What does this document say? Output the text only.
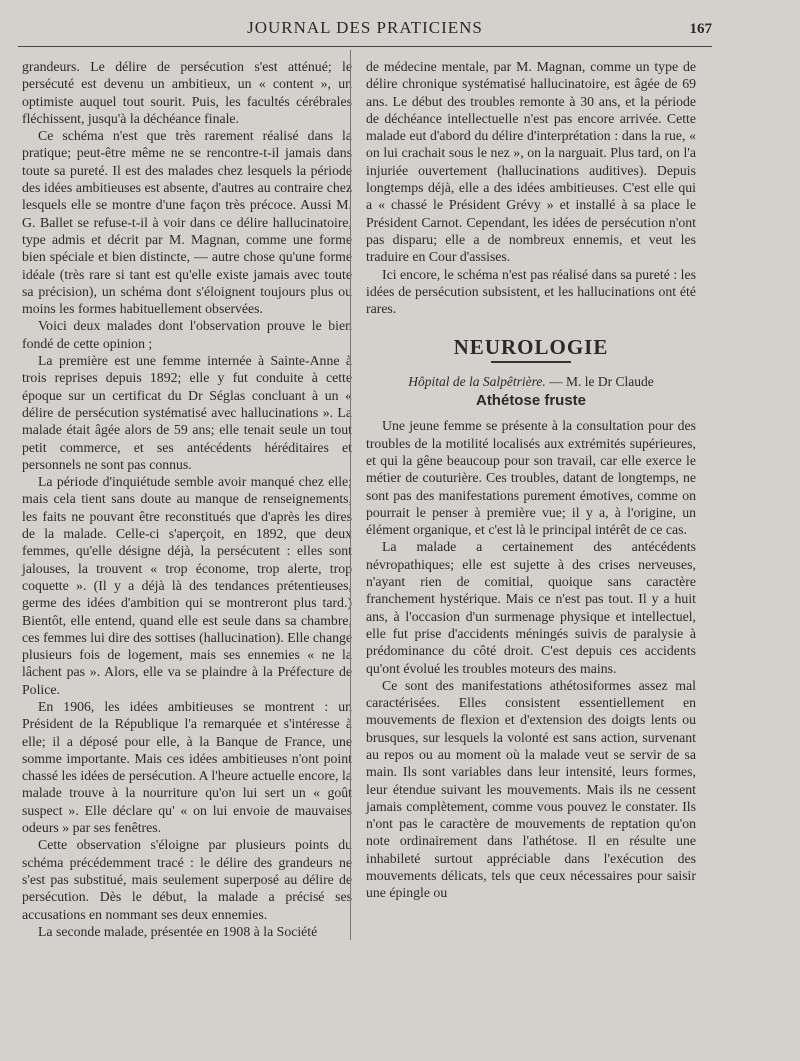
JOURNAL DES PRATICIENS	167

grandeurs. Le délire de persécution s'est atténué; le persécuté est devenu un ambitieux, un « content », un optimiste auquel tout sourit. Puis, les facultés cérébrales fléchissent, jusqu'à la déchéance finale.

Ce schéma n'est que très rarement réalisé dans la pratique; peut-être même ne se rencontre-t-il jamais dans toute sa pureté. Il est des malades chez lesquels la période des idées ambitieuses est absente, d'autres au contraire chez lesquels elle se montre d'une façon très précoce. Aussi M. G. Ballet se refuse-t-il à voir dans ce délire hallucinatoire, type admis et décrit par M. Magnan, comme une forme bien spéciale et bien distincte, — autre chose qu'une forme idéale (très rare si tant est qu'elle existe jamais avec toute sa précision), un schéma dont s'éloignent toujours plus ou moins les formes habituellement observées.

Voici deux malades dont l'observation prouve le bien fondé de cette opinion ;

La première est une femme internée à Sainte-Anne à trois reprises depuis 1892; elle y fut conduite à cette époque sur un certificat du Dr Séglas concluant à un « délire de persécution systématisé avec hallucinations ». La malade était âgée alors de 59 ans; elle tenait seule un tout petit commerce, et ses antécédents héréditaires et personnels ne sont pas connus.

La période d'inquiétude semble avoir manqué chez elle; mais cela tient sans doute au manque de renseignements, les faits ne pouvant être reconstitués que d'après les dires de la malade. Celle-ci s'aperçoit, en 1892, que deux femmes, qu'elle désigne déjà, la persécutent : elles sont jalouses, la trouvent « trop économe, trop alerte, trop coquette ». (Il y a déjà là des tendances prétentieuses, germe des idées d'ambition qui se montreront plus tard.) Bientôt, elle entend, quand elle est seule dans sa chambre, ces femmes lui dire des sottises (hallucination). Elle change plusieurs fois de logement, mais ses ennemies « ne la lâchent pas ». Alors, elle va se plaindre à la Préfecture de Police.

En 1906, les idées ambitieuses se montrent : un Président de la République l'a remarquée et s'intéresse à elle; il a déposé pour elle, à la Banque de France, une somme importante. Mais ces idées ambitieuses n'ont point chassé les idées de persécution. A l'heure actuelle encore, la malade trouve à la nourriture qu'on lui sert un « goût suspect ». Elle déclare qu' « on lui envoie de mauvaises odeurs » par ses fenêtres.

Cette observation s'éloigne par plusieurs points du schéma précédemment tracé : le délire des grandeurs ne s'est pas substitué, mais seulement superposé au délire de persécution. Dès le début, la malade a précisé ses accusations en nommant ses deux ennemies.

La seconde malade, présentée en 1908 à la Société

de médecine mentale, par M. Magnan, comme un type de délire chronique systématisé hallucinatoire, est âgée de 69 ans. Le début des troubles remonte à 30 ans, et la période de déchéance intellectuelle n'est pas encore arrivée. Cette malade eut d'abord du délire d'interprétation : dans la rue, « on lui crachait sous le nez », on la narguait. Plus tard, on l'a injuriée ouvertement (hallucinations auditives). Depuis longtemps déjà, elle a des idées ambitieuses. C'est elle qui a « chassé le Président Grévy » et installé à sa place le Président Carnot. Cependant, les idées de persécution n'ont pas disparu; elle a de nombreux ennemis, et veut les traduire en Cour d'assises.

Ici encore, le schéma n'est pas réalisé dans sa pureté : les idées de persécution subsistent, et les hallucinations ont été rares.

NEUROLOGIE
Hôpital de la Salpêtrière. — M. le Dr Claude
Athétose fruste

Une jeune femme se présente à la consultation pour des troubles de la motilité localisés aux extrémités supérieures, et qui la gêne beaucoup pour son travail, car elle exerce le métier de couturière. Ces troubles, datant de longtemps, ne sont pas des manifestations purement émotives, comme on pourrait le penser à première vue; il y a, à l'origine, un élément organique, et c'est là le principal intérêt de ce cas.

La malade a certainement des antécédents névropathiques; elle est sujette à des crises nerveuses, n'ayant rien de comitial, quoique sans caractère franchement hystérique. Mais ce n'est pas tout. Il y a huit ans, à l'occasion d'un surmenage physique et intellectuel, elle fut prise d'accidents méningés suivis de paralysie à prédominance du côté droit. C'est depuis ces accidents qu'ont évolué les troubles moteurs des mains.

Ce sont des manifestations athétosiformes assez mal caractérisées. Elles consistent essentiellement en mouvements de flexion et d'extension des doigts lents ou brusques, sur lesquels la volonté est sans action, survenant au repos ou au moment où la malade veut se servir de sa main. Ils sont variables dans leur intensité, leurs formes, leur étendue suivant les mouvements. Mais ils ne cessent jamais complètement, comme vous pouvez le constater. Ils n'ont pas le caractère de mouvements de reptation qu'on note ordinairement dans l'athétose. Il en résulte une inhabileté surtout appréciable dans l'exécution des mouvements délicats, tels que ceux nécessaires pour saisir une épingle ou
